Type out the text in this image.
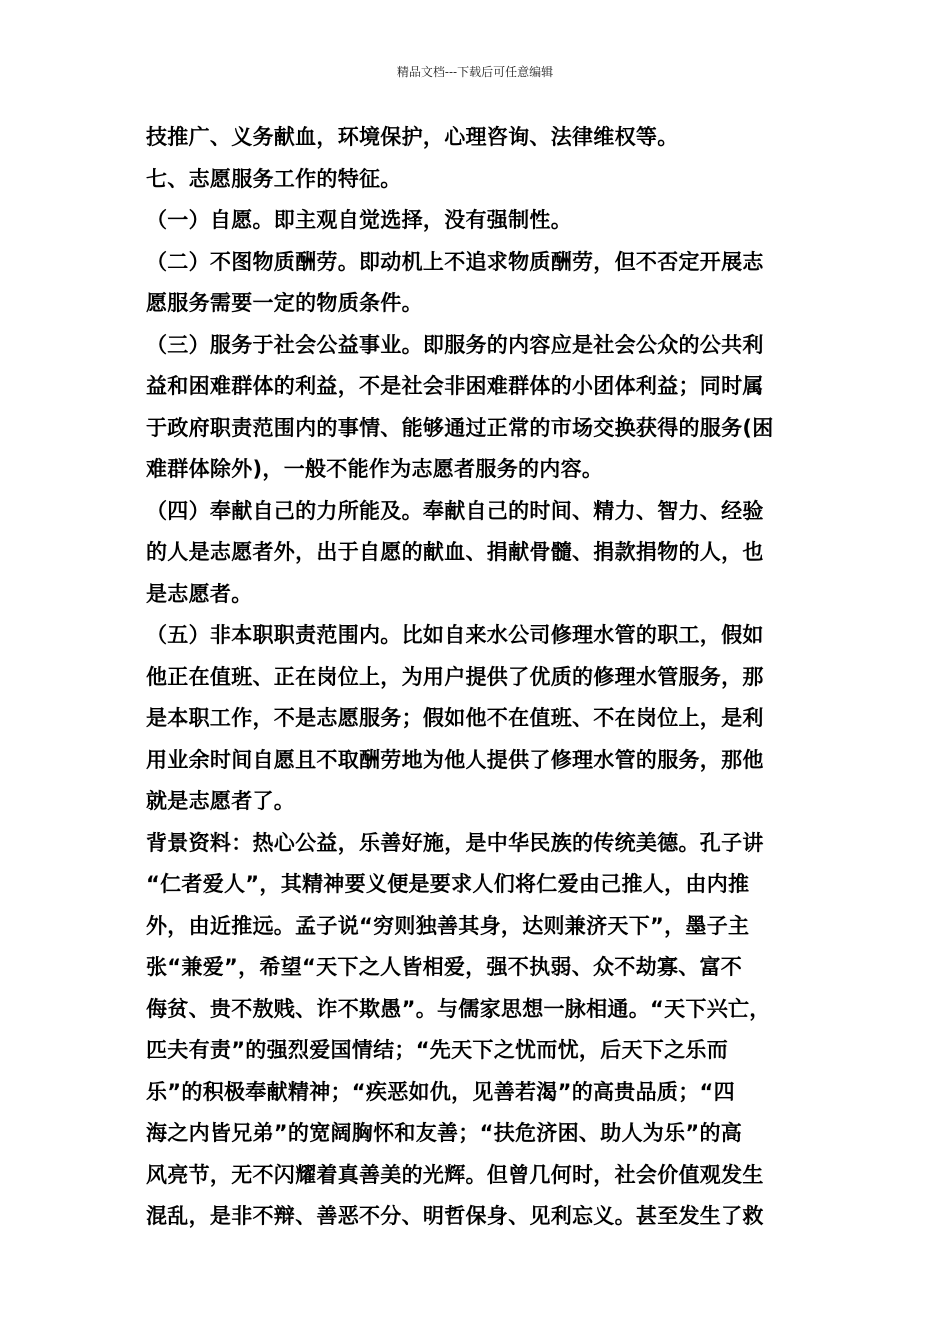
精品文档---下载后可任意编辑
技推广、义务献血，环境保护，心理咨询、法律维权等。
七、志愿服务工作的特征。
（一）自愿。即主观自觉选择，没有强制性。
（二）不图物质酬劳。即动机上不追求物质酬劳，但不否定开展志
愿服务需要一定的物质条件。
（三）服务于社会公益事业。即服务的内容应是社会公众的公共利
益和困难群体的利益，不是社会非困难群体的小团体利益；同时属
于政府职责范围内的事情、能够通过正常的市场交换获得的服务(困
难群体除外)，一般不能作为志愿者服务的内容。
（四）奉献自己的力所能及。奉献自己的时间、精力、智力、经验
的人是志愿者外，出于自愿的献血、捐献骨髓、捐款捐物的人，也
是志愿者。
（五）非本职职责范围内。比如自来水公司修理水管的职工，假如
他正在值班、正在岗位上，为用户提供了优质的修理水管服务，那
是本职工作，不是志愿服务；假如他不在值班、不在岗位上，是利
用业余时间自愿且不取酬劳地为他人提供了修理水管的服务，那他
就是志愿者了。
背景资料：热心公益，乐善好施，是中华民族的传统美德。孔子讲
“仁者爱人”，其精神要义便是要求人们将仁爱由己推人，由内推
外，由近推远。孟子说“穷则独善其身，达则兼济天下”，墨子主
张“兼爱”，希望“天下之人皆相爱，强不执弱、众不劫寡、富不
侮贫、贵不敖贱、诈不欺愚”。与儒家思想一脉相通。“天下兴亡，
匹夫有责”的强烈爱国情结；“先天下之忧而忧，后天下之乐而
乐”的积极奉献精神；“疾恶如仇，见善若渴”的高贵品质；“四
海之内皆兄弟”的宽阔胸怀和友善；“扶危济困、助人为乐”的高
风亮节，无不闪耀着真善美的光辉。但曾几何时，社会价值观发生
混乱，是非不辩、善恶不分、明哲保身、见利忘义。甚至发生了救
